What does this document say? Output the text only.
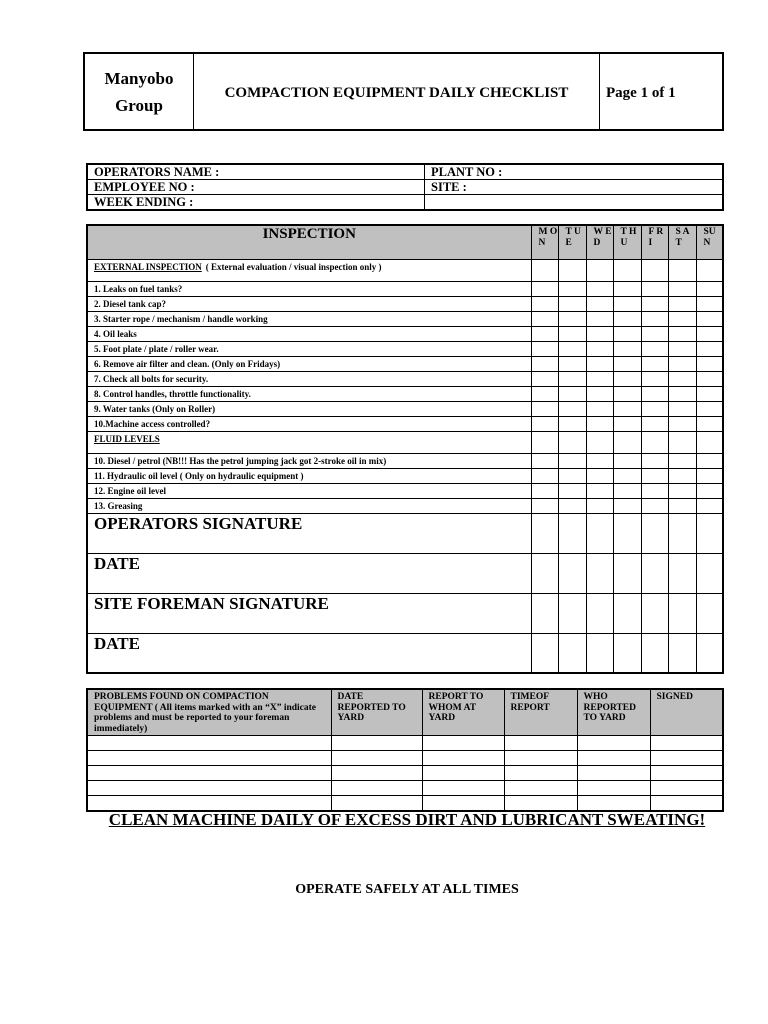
Manyobo
Group
	COMPACTION EQUIPMENT DAILY CHECKLIST	Page 1 of 1
OPERATORS NAME :	PLANT NO :
EMPLOYEE NO :	SITE :
WEEK ENDING :	
INSPECTION	M O N	T U E	W E D	T H U	F R I	S A T	SU N
EXTERNAL INSPECTION ( External evaluation / visual inspection only )							
1. Leaks on fuel tanks?							
2. Diesel tank cap?							
3. Starter rope / mechanism / handle working							
4. Oil leaks							
5. Foot plate / plate / roller wear.							
6. Remove air filter and clean. (Only on Fridays)							
7. Check all bolts for security.							
8. Control handles, throttle functionality.							
9. Water tanks (Only on Roller)							
10.Machine access controlled?							
FLUID LEVELS							
10. Diesel / petrol (NB!!! Has the petrol jumping jack got 2-stroke oil in mix)							
11. Hydraulic oil level ( Only on hydraulic equipment )							
12. Engine oil level							
13. Greasing							
OPERATORS SIGNATURE							
DATE							
SITE FOREMAN SIGNATURE							
DATE							
PROBLEMS FOUND ON COMPACTION EQUIPMENT ( All items marked with an “X” indicate problems and must be reported to your foreman immediately)	DATE REPORTED TO YARD	REPORT TO WHOM AT YARD	TIMEOF REPORT	WHO REPORTED TO YARD	SIGNED

CLEAN MACHINE DAILY OF EXCESS DIRT AND LUBRICANT SWEATING!
OPERATE SAFELY AT ALL TIMES
